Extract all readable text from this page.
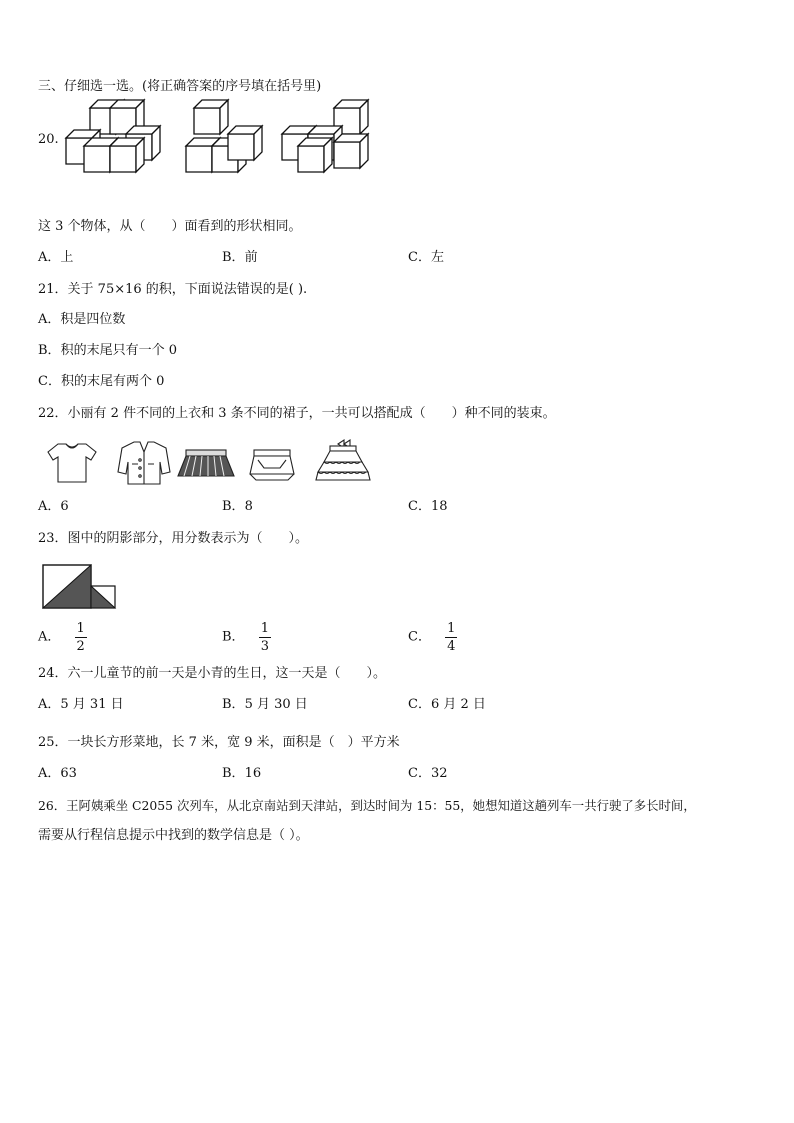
三、仔细选一选。(将正确答案的序号填在括号里)
20.
这 3 个物体，从（　　）面看到的形状相同。
A．上	B．前	C．左
21．关于 75×16 的积，下面说法错误的是( ).
A．积是四位数
B．积的末尾只有一个 0
C．积的末尾有两个 0
22．小丽有 2 件不同的上衣和 3 条不同的裙子，一共可以搭配成（　　）种不同的装束。
A．6	B．8	C．18
23．图中的阴影部分，用分数表示为（　　）。
A． $\frac{1}{2}$	B． $\frac{1}{3}$	C． $\frac{1}{4}$
24．六一儿童节的前一天是小青的生日，这一天是（　　）。
A．5 月 31 日	B．5 月 30 日	C．6 月 2 日
25．一块长方形菜地，长 7 米，宽 9 米，面积是（　）平方米
A．63	B．16	C．32
26．王阿姨乘坐 C2055 次列车，从北京南站到天津站，到达时间为 15：55，她想知道这趟列车一共行驶了多长时间，
需要从行程信息提示中找到的数学信息是（ ）。
